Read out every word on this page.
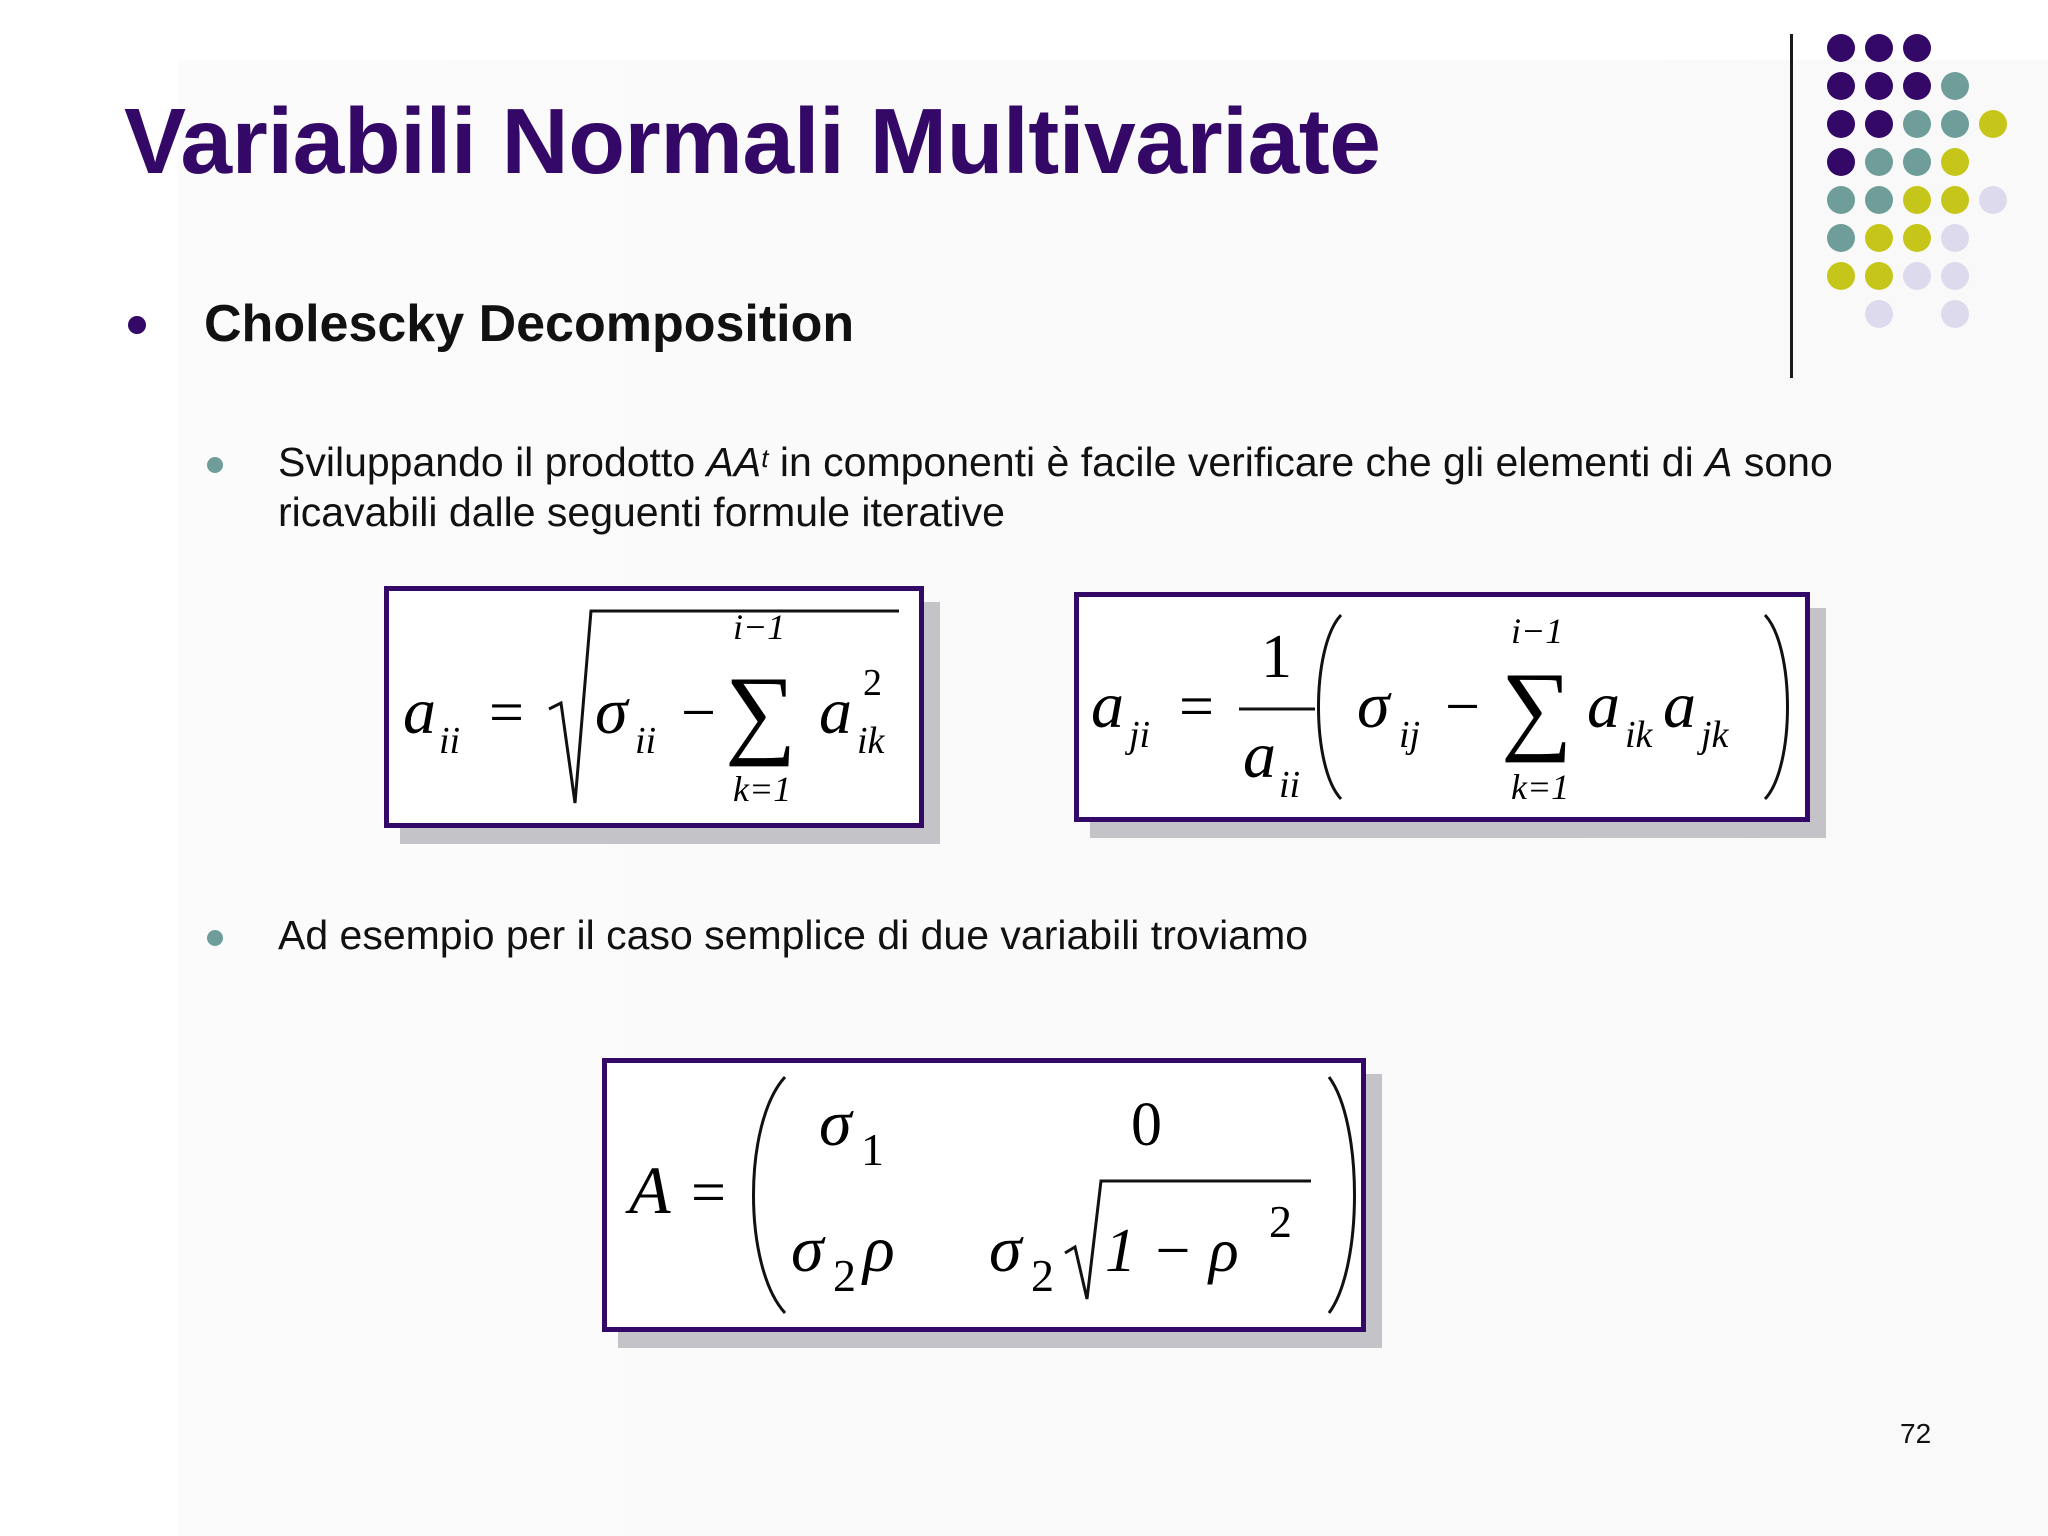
Variabili Normali Multivariate
Cholescky Decomposition
Sviluppando il prodotto $AA^t$ in componenti è facile verificare che gli elementi di A sono ricavabili dalle seguenti formule iterative
a ii = σ ii −
i−1
∑
k=1
a 2
ik	a ji =
1
a ii
σ ij −
i−1
∑
k=1
a ik a jk
Ad esempio per il caso semplice di due variabili troviamo
A =
σ 1	0
σ 2 ρ σ 2 1 − ρ 2
72
